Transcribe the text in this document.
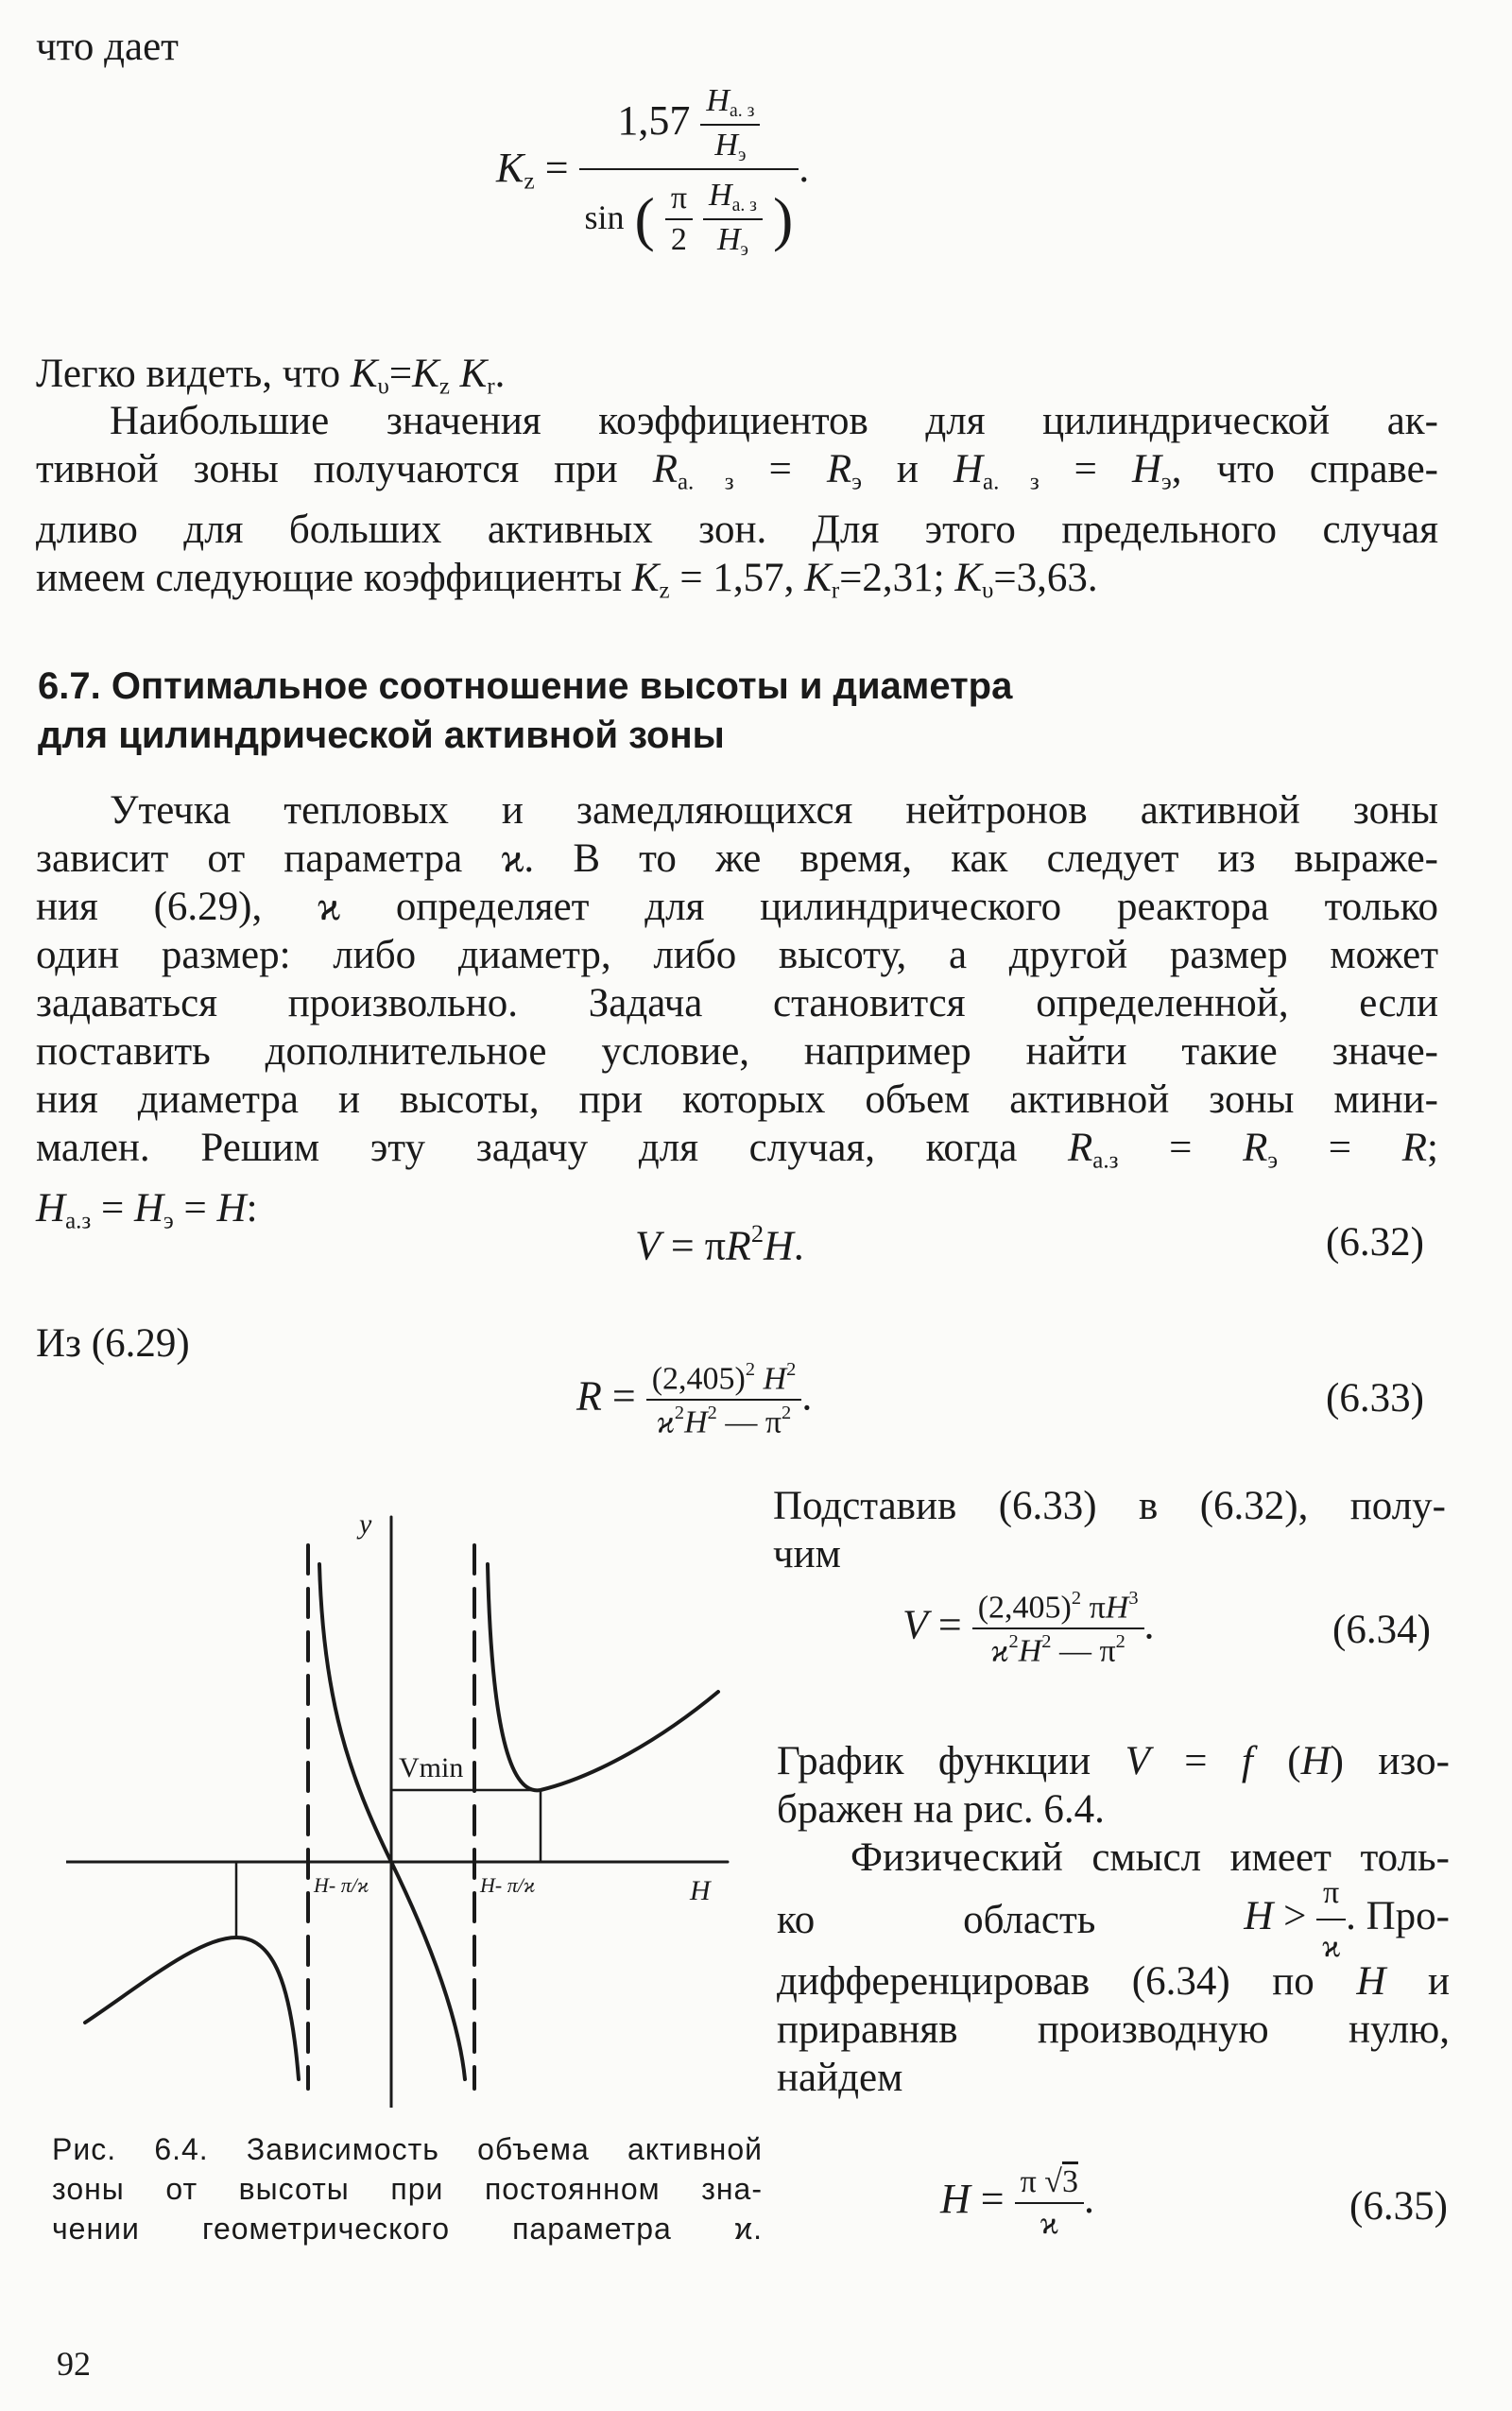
что дает
$K_z$ =
$1,57 \frac{H_{а. з}}{H_э}$
sin ( $\frac{\pi}{2}$
$\frac{H_{а. з}}{H_э}$ )
.
Легко видеть, что $K_\upsilon=K_z$ $K_r$.
Наибольшие значения коэффициентов для цилиндрической ак-
тивной зоны получаются при $R_{а. з} = R_э$ и $H_{а. з} = H_э$, что справе-
дливо для больших активных зон. Для этого предельного случая
имеем следующие коэффициенты $K_z = 1,57$, $K_r=2,31$; $K_\upsilon=3,63$.
6.7. Оптимальное соотношение высоты и диаметра
для цилиндрической активной зоны
Утечка тепловых и замедляющихся нейтронов активной зоны
зависит от параметра ϰ. В то же время, как следует из выраже-
ния (6.29), ϰ определяет для цилиндрического реактора только
один размер: либо диаметр, либо высоту, а другой размер может
задаваться произвольно. Задача становится определенной, если
поставить дополнительное условие, например найти такие значе-
ния диаметра и высоты, при которых объем активной зоны мини-
мален. Решим эту задачу для случая, когда $R_{а.з} = R_э = R$;
$H_{а.з} = H_э = H$:
$V = \pi R^2H$.	(6.32)
Из (6.29)
$R = \frac{(2,405)^2 H^2}{ϰ^2H^2 — \pi^2}$ .	(6.33)
Подставив (6.33) в (6.32), полу-
чим
$V = \frac{(2,405)^2 \pi H^3}{ϰ^2H^2 — \pi^2}$ .	(6.34)
График функции V = f (H) изо-
бражен на рис. 6.4.
Физический смысл имеет толь-
ко	область	$H > \frac{\pi}{ϰ}$ . Про-
дифференцировав (6.34) по H и
приравняв производную нулю,
найдем
$H = \frac{\pi √3}{ϰ}$ .	(6.35)
y
H
Vmin
H- π/ϰ	H- π/ϰ
Рис. 6.4. Зависимость объема активной
зоны от высоты при постоянном зна-
чении геометрического параметра ϰ.
92
